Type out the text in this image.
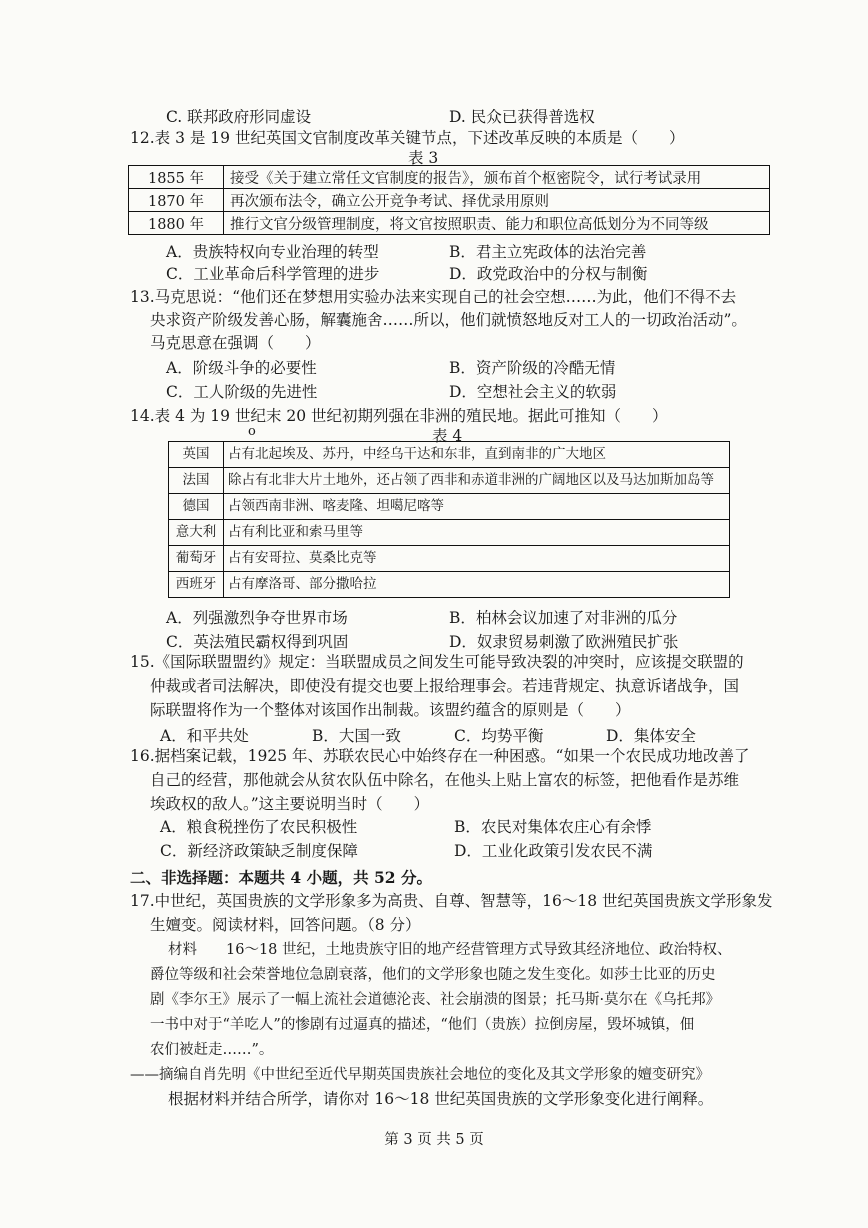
C. 联邦政府形同虚设	D. 民众已获得普选权
12.表 3 是 19 世纪英国文官制度改革关键节点，下述改革反映的本质是（　　）
表 3
1855 年	接受《关于建立常任文官制度的报告》，颁布首个枢密院令，试行考试录用
1870 年	再次颁布法令，确立公开竞争考试、择优录用原则
1880 年	推行文官分级管理制度，将文官按照职责、能力和职位高低划分为不同等级
A．贵族特权向专业治理的转型	B．君主立宪政体的法治完善
C．工业革命后科学管理的进步	D．政党政治中的分权与制衡
13.马克思说：“他们还在梦想用实验办法来实现自己的社会空想……为此，他们不得不去
央求资产阶级发善心肠，解囊施舍……所以，他们就愤怒地反对工人的一切政治活动”。
马克思意在强调（　　）
A．阶级斗争的必要性	B．资产阶级的冷酷无情
C．工人阶级的先进性	D．空想社会主义的软弱
14.表 4 为 19 世纪末 20 世纪初期列强在非洲的殖民地。据此可推知（　　）
o	表 4
英国	占有北起埃及、苏丹，中经乌干达和东非，直到南非的广大地区
法国	除占有北非大片土地外，还占领了西非和赤道非洲的广阔地区以及马达加斯加岛等
德国	占领西南非洲、喀麦隆、坦噶尼喀等
意大利	占有利比亚和索马里等
葡萄牙	占有安哥拉、莫桑比克等
西班牙	占有摩洛哥、部分撒哈拉
A．列强激烈争夺世界市场	B．柏林会议加速了对非洲的瓜分
C．英法殖民霸权得到巩固	D．奴隶贸易刺激了欧洲殖民扩张
15.《国际联盟盟约》规定：当联盟成员之间发生可能导致决裂的冲突时，应该提交联盟的
仲裁或者司法解决，即使没有提交也要上报给理事会。若违背规定、执意诉诸战争，国
际联盟将作为一个整体对该国作出制裁。该盟约蕴含的原则是（　　）
A．和平共处	B．大国一致	C．均势平衡	D．集体安全
16.据档案记载，1925 年、苏联农民心中始终存在一种困惑。“如果一个农民成功地改善了
自己的经营，那他就会从贫农队伍中除名，在他头上贴上富农的标签，把他看作是苏维
埃政权的敌人。”这主要说明当时（　　）
A．粮食税挫伤了农民积极性	B．农民对集体农庄心有余悸
C．新经济政策缺乏制度保障	D．工业化政策引发农民不满
二、非选择题：本题共 4 小题，共 52 分。
17.中世纪，英国贵族的文学形象多为高贵、自尊、智慧等，16～18 世纪英国贵族文学形象发
生嬗变。阅读材料，回答问题。（8 分）
材料　　16～18 世纪，土地贵族守旧的地产经营管理方式导致其经济地位、政治特权、
爵位等级和社会荣誉地位急剧衰落，他们的文学形象也随之发生变化。如莎士比亚的历史
剧《李尔王》展示了一幅上流社会道德沦丧、社会崩溃的图景；托马斯·莫尔在《乌托邦》
一书中对于“羊吃人”的惨剧有过逼真的描述，“他们（贵族）拉倒房屋，毁坏城镇，佃
农们被赶走……”。
——摘编自肖先明《中世纪至近代早期英国贵族社会地位的变化及其文学形象的嬗变研究》
根据材料并结合所学，请你对 16～18 世纪英国贵族的文学形象变化进行阐释。
第 3 页 共 5 页
